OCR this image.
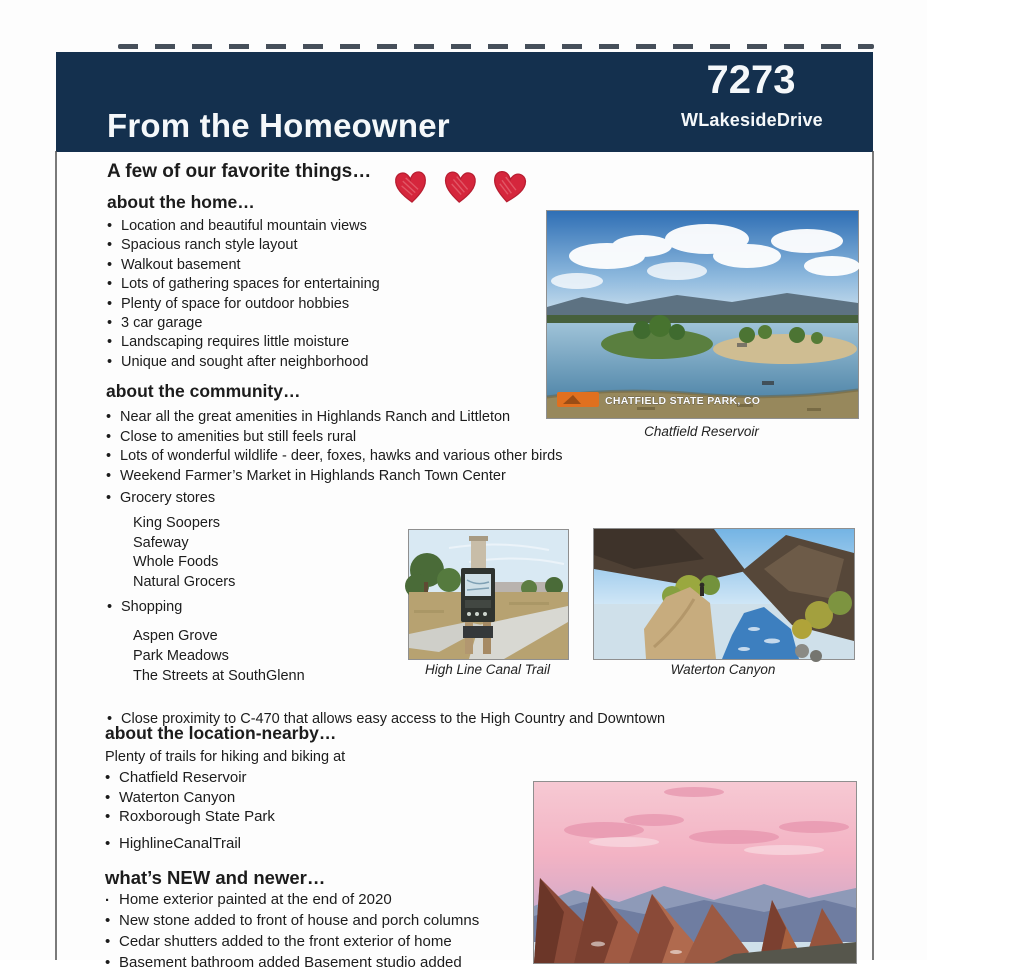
From the Homeowner
7273
WLakesideDrive
A few of our favorite things…
about the home…
• Location and beautiful mountain views
• Spacious ranch style layout
• Walkout basement
• Lots of gathering spaces for entertaining
• Plenty of space for outdoor hobbies
• 3 car garage
• Landscaping requires little moisture
• Unique and sought after neighborhood
about the community…
• Near all the great amenities in Highlands Ranch and Littleton
• Close to amenities but still feels rural
• Lots of wonderful wildlife - deer, foxes, hawks and various other birds
• Weekend Farmer’s Market in Highlands Ranch Town Center
• Grocery stores
King Soopers
Safeway
Whole Foods
Natural Grocers
• Shopping
Aspen Grove
Park Meadows
The Streets at SouthGlenn
• Close proximity to C-470 that allows easy access to the High Country and Downtown
about the location-nearby…
Plenty of trails for hiking and biking at
• Chatfield Reservoir
• Waterton Canyon
• Roxborough State Park
• HighlineCanalTrail
what’s NEW and newer…
. Home exterior painted at the end of 2020
• New stone added to front of house and porch columns
• Cedar shutters added to the front exterior of home
• Basement bathroom added Basement studio added
CHATFIELD STATE PARK, CO
Chatfield Reservoir
High Line Canal Trail	Waterton Canyon
